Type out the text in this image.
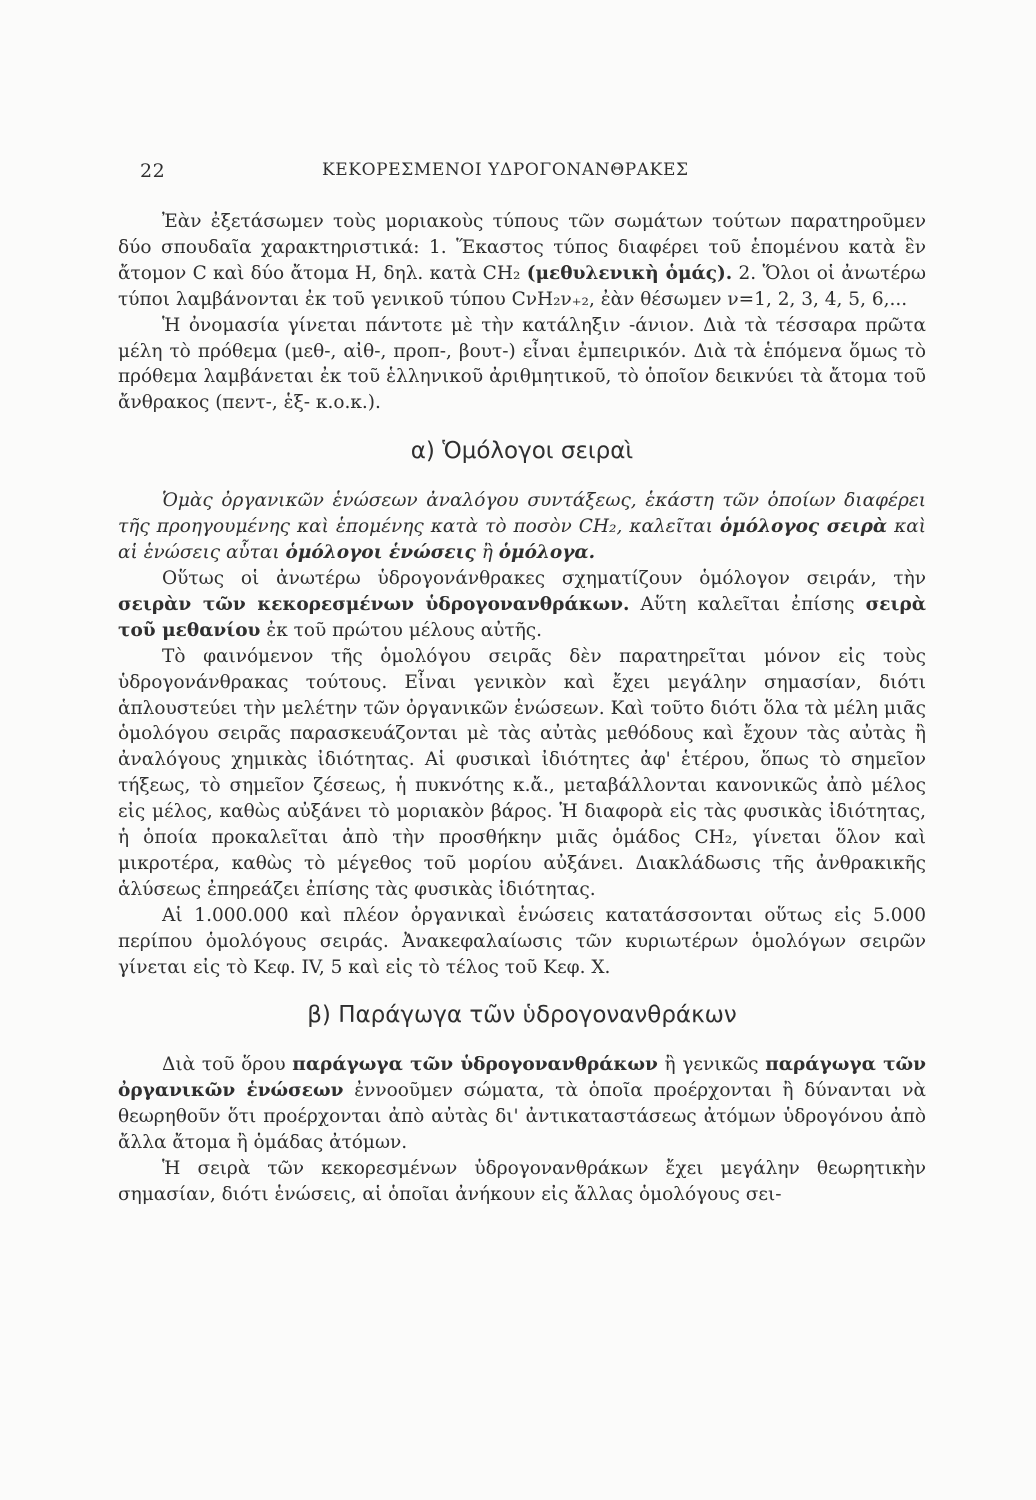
22	ΚΕΚΟΡΕΣΜΕΝΟΙ ΥΔΡΟΓΟΝΑΝΘΡΑΚΕΣ

Ἐὰν ἐξετάσωμεν τοὺς μοριακοὺς τύπους τῶν σωμάτων τούτων παρατηροῦμεν δύο σπουδαῖα χαρακτηριστικά: 1. Ἕκαστος τύπος διαφέρει τοῦ ἑπομένου κατὰ ἓν ἄτομον C καὶ δύο ἄτομα H, δηλ. κατὰ CH₂ (μεθυλενικὴ ὁμάς). 2. Ὅλοι οἱ ἀνωτέρω τύποι λαμβάνονται ἐκ τοῦ γενικοῦ τύπου CνH₂ν₊₂, ἐὰν θέσωμεν ν=1, 2, 3, 4, 5, 6,...

Ἡ ὀνομασία γίνεται πάντοτε μὲ τὴν κατάληξιν -άνιον. Διὰ τὰ τέσσαρα πρῶτα μέλη τὸ πρόθεμα (μεθ-, αἰθ-, προπ-, βουτ-) εἶναι ἐμπειρικόν. Διὰ τὰ ἑπόμενα ὅμως τὸ πρόθεμα λαμβάνεται ἐκ τοῦ ἑλληνικοῦ ἀριθμητικοῦ, τὸ ὁποῖον δεικνύει τὰ ἄτομα τοῦ ἄνθρακος (πεντ-, ἑξ- κ.ο.κ.).

α) Ὁμόλογοι σειραὶ

Ὁμὰς ὀργανικῶν ἑνώσεων ἀναλόγου συντάξεως, ἑκάστη τῶν ὁποίων διαφέρει τῆς προηγουμένης καὶ ἑπομένης κατὰ τὸ ποσὸν CH₂, καλεῖται ὁμόλογος σειρὰ καὶ αἱ ἑνώσεις αὗται ὁμόλογοι ἑνώσεις ἢ ὁμόλογα.

Οὕτως οἱ ἀνωτέρω ὑδρογονάνθρακες σχηματίζουν ὁμόλογον σειράν, τὴν σειρὰν τῶν κεκορεσμένων ὑδρογονανθράκων. Αὕτη καλεῖται ἐπίσης σειρὰ τοῦ μεθανίου ἐκ τοῦ πρώτου μέλους αὐτῆς.

Τὸ φαινόμενον τῆς ὁμολόγου σειρᾶς δὲν παρατηρεῖται μόνον εἰς τοὺς ὑδρογονάνθρακας τούτους. Εἶναι γενικὸν καὶ ἔχει μεγάλην σημασίαν, διότι ἁπλουστεύει τὴν μελέτην τῶν ὀργανικῶν ἑνώσεων. Καὶ τοῦτο διότι ὅλα τὰ μέλη μιᾶς ὁμολόγου σειρᾶς παρασκευάζονται μὲ τὰς αὐτὰς μεθόδους καὶ ἔχουν τὰς αὐτὰς ἢ ἀναλόγους χημικὰς ἰδιότητας. Αἱ φυσικαὶ ἰδιότητες ἀφ' ἑτέρου, ὅπως τὸ σημεῖον τήξεως, τὸ σημεῖον ζέσεως, ἡ πυκνότης κ.ἄ., μεταβάλλονται κανονικῶς ἀπὸ μέλος εἰς μέλος, καθὼς αὐξάνει τὸ μοριακὸν βάρος. Ἡ διαφορὰ εἰς τὰς φυσικὰς ἰδιότητας, ἡ ὁποία προκαλεῖται ἀπὸ τὴν προσθήκην μιᾶς ὁμάδος CH₂, γίνεται ὅλον καὶ μικροτέρα, καθὼς τὸ μέγεθος τοῦ μορίου αὐξάνει. Διακλάδωσις τῆς ἀνθρακικῆς ἁλύσεως ἐπηρεάζει ἐπίσης τὰς φυσικὰς ἰδιότητας.

Αἱ 1.000.000 καὶ πλέον ὀργανικαὶ ἑνώσεις κατατάσσονται οὕτως εἰς 5.000 περίπου ὁμολόγους σειράς. Ἀνακεφαλαίωσις τῶν κυριωτέρων ὁμολόγων σειρῶν γίνεται εἰς τὸ Κεφ. IV, 5 καὶ εἰς τὸ τέλος τοῦ Κεφ. X.

β) Παράγωγα τῶν ὑδρογονανθράκων

Διὰ τοῦ ὅρου παράγωγα τῶν ὑδρογονανθράκων ἢ γενικῶς παράγωγα τῶν ὀργανικῶν ἑνώσεων ἐννοοῦμεν σώματα, τὰ ὁποῖα προέρχονται ἢ δύνανται νὰ θεωρηθοῦν ὅτι προέρχονται ἀπὸ αὐτὰς δι' ἀντικαταστάσεως ἀτόμων ὑδρογόνου ἀπὸ ἄλλα ἄτομα ἢ ὁμάδας ἀτόμων.

Ἡ σειρὰ τῶν κεκορεσμένων ὑδρογονανθράκων ἔχει μεγάλην θεωρητικὴν σημασίαν, διότι ἑνώσεις, αἱ ὁποῖαι ἀνήκουν εἰς ἄλλας ὁμολόγους σει-
